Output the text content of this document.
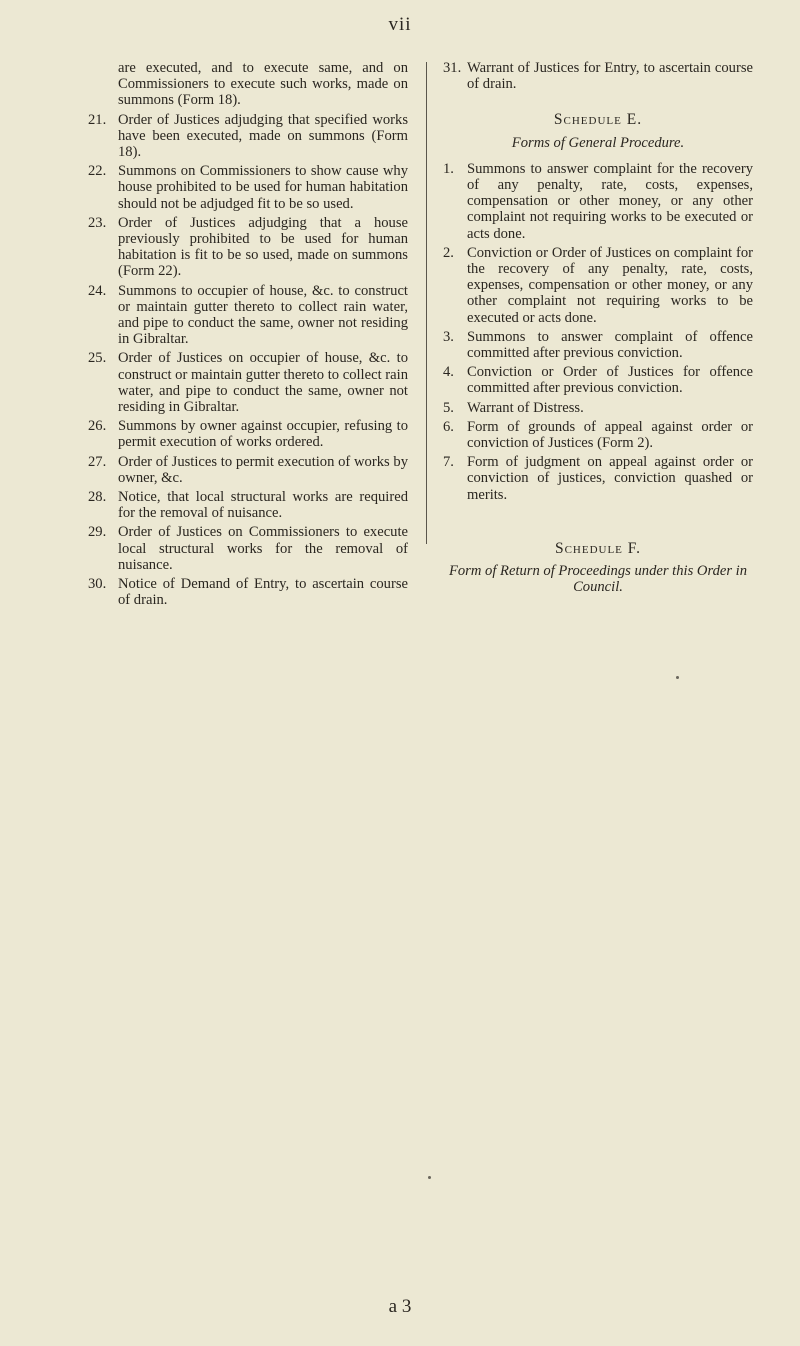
vii
are executed, and to execute same, and on Commissioners to execute such works, made on summons (Form 18).
21. Order of Justices adjudging that specified works have been executed, made on summons (Form 18).
22. Summons on Commissioners to show cause why house prohibited to be used for human habitation should not be adjudged fit to be so used.
23. Order of Justices adjudging that a house previously prohibited to be used for human habitation is fit to be so used, made on summons (Form 22).
24. Summons to occupier of house, &c. to construct or maintain gutter thereto to collect rain water, and pipe to conduct the same, owner not residing in Gibraltar.
25. Order of Justices on occupier of house, &c. to construct or maintain gutter thereto to collect rain water, and pipe to conduct the same, owner not residing in Gibraltar.
26. Summons by owner against occupier, refusing to permit execution of works ordered.
27. Order of Justices to permit execution of works by owner, &c.
28. Notice, that local structural works are required for the removal of nuisance.
29. Order of Justices on Commissioners to execute local structural works for the removal of nuisance.
30. Notice of Demand of Entry, to ascertain course of drain.
31. Warrant of Justices for Entry, to ascertain course of drain.
Schedule E.
Forms of General Procedure.
1. Summons to answer complaint for the recovery of any penalty, rate, costs, expenses, compensation or other money, or any other complaint not requiring works to be executed or acts done.
2. Conviction or Order of Justices on complaint for the recovery of any penalty, rate, costs, expenses, compensation or other money, or any other complaint not requiring works to be executed or acts done.
3. Summons to answer complaint of offence committed after previous conviction.
4. Conviction or Order of Justices for offence committed after previous conviction.
5. Warrant of Distress.
6. Form of grounds of appeal against order or conviction of Justices (Form 2).
7. Form of judgment on appeal against order or conviction of justices, conviction quashed or merits.
Schedule F.
Form of Return of Proceedings under this Order in Council.
a 3
